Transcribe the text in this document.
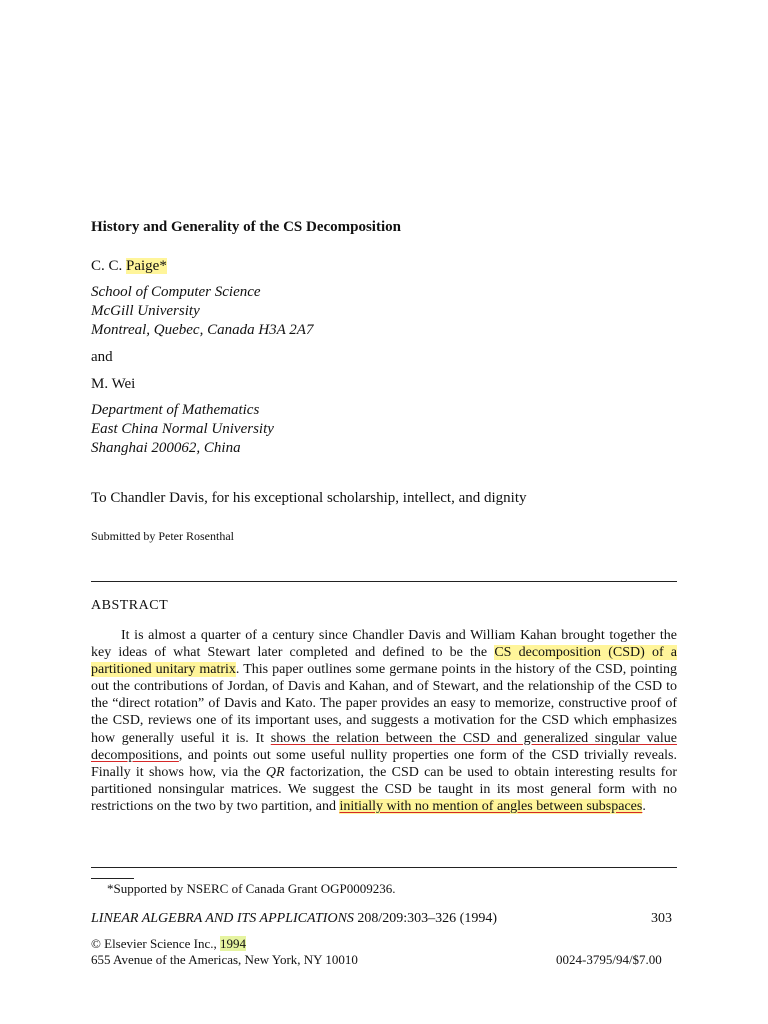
History and Generality of the CS Decomposition
C. C. Paige*
School of Computer Science
McGill University
Montreal, Quebec, Canada H3A 2A7
and
M. Wei
Department of Mathematics
East China Normal University
Shanghai 200062, China
To Chandler Davis, for his exceptional scholarship, intellect, and dignity
Submitted by Peter Rosenthal
ABSTRACT
It is almost a quarter of a century since Chandler Davis and William Kahan brought together the key ideas of what Stewart later completed and defined to be the CS decomposition (CSD) of a partitioned unitary matrix. This paper outlines some germane points in the history of the CSD, pointing out the contributions of Jordan, of Davis and Kahan, and of Stewart, and the relationship of the CSD to the “direct rotation” of Davis and Kato. The paper provides an easy to memorize, constructive proof of the CSD, reviews one of its important uses, and suggests a motivation for the CSD which emphasizes how generally useful it is. It shows the relation between the CSD and generalized singular value decompositions, and points out some useful nullity properties one form of the CSD trivially reveals. Finally it shows how, via the QR factorization, the CSD can be used to obtain interesting results for partitioned nonsingular matrices. We suggest the CSD be taught in its most general form with no restrictions on the two by two partition, and initially with no mention of angles between subspaces.
*Supported by NSERC of Canada Grant OGP0009236.
LINEAR ALGEBRA AND ITS APPLICATIONS 208/209:303–326 (1994)	303
© Elsevier Science Inc., 1994
655 Avenue of the Americas, New York, NY 10010	0024-3795/94/$7.00
